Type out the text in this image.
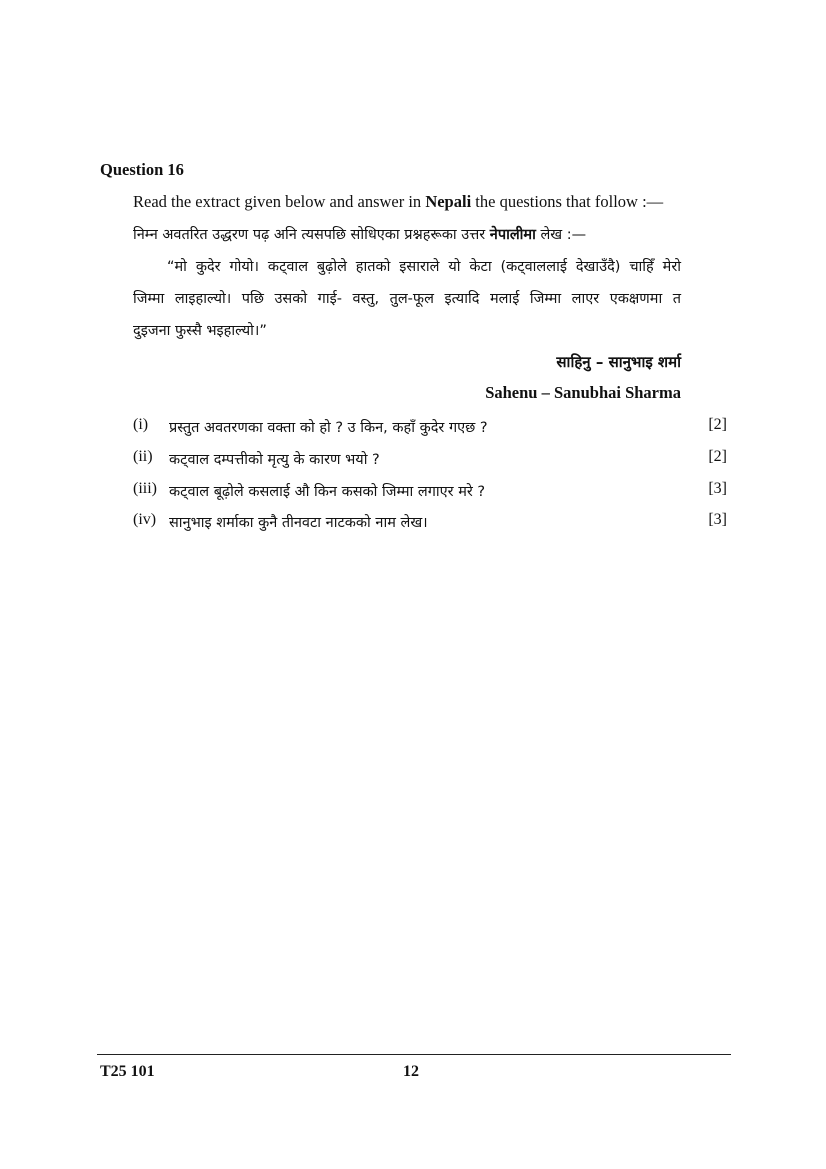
Question 16
Read the extract given below and answer in Nepali the questions that follow :—
निम्न अवतरित उद्धरण पढ़ अनि त्यसपछि सोधिएका प्रश्नहरूका उत्तर नेपालीमा लेख :—
“मो कुदेर गोयो। कट्‌वाल बुढ़ोले हातको इसाराले यो केटा (कट्‌वाललाई देखाउँदै) चाहिँ मेरो
जिम्मा लाइहाल्यो। पछि उसको गाई- वस्तु, तुल-फूल इत्यादि मलाई जिम्मा लाएर एकक्षणमा त
दुइजना फुस्सै भइहाल्यो।”
साहिनु – सानुभाइ शर्मा
Sahenu – Sanubhai Sharma
(i) प्रस्तुत अवतरणका वक्ता को हो ? उ किन, कहाँ कुदेर गएछ ?	[2]
(ii) कट्‌वाल दम्पत्तीको मृत्यु के कारण भयो ?	[2]
(iii) कट्‌वाल बूढ़ोले कसलाई औ किन कसको जिम्मा लगाएर मरे ?	[3]
(iv) सानुभाइ शर्माका कुनै तीनवटा नाटकको नाम लेख।	[3]
T25 101	12
